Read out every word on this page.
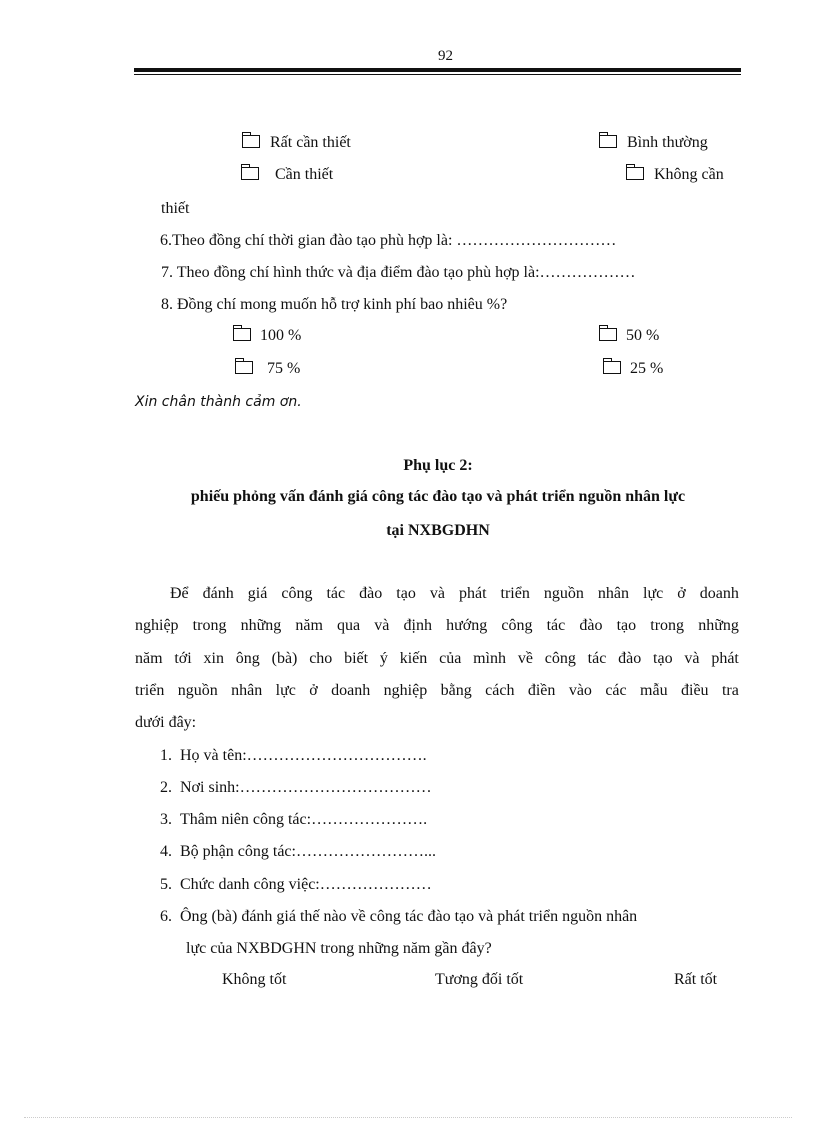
92
Rất cần thiết	Bình thường
Cần thiết	Không cần
thiết
6.Theo đồng chí thời gian đào tạo phù hợp là: …………………………
7. Theo đồng chí hình thức và địa điểm đào tạo phù hợp là:………………
8. Đồng chí mong muốn hỗ trợ kinh phí bao nhiêu %?
100 %	50 %
75 %	25 %
Xin chân thành cảm ơn.
Phụ lục 2:
phiếu phỏng vấn đánh giá công tác đào tạo và phát triển nguồn nhân lực
tại NXBGDHN
Để đánh giá công tác đào tạo và phát triển nguồn nhân lực ở doanh
nghiệp trong những năm qua và định hướng công tác đào tạo trong những
năm tới xin ông (bà) cho biết ý kiến của mình về công tác đào tạo và phát
triển nguồn nhân lực ở doanh nghiệp bằng cách điền vào các mẫu điều tra
dưới đây:
1. Họ và tên:…………………………….
2. Nơi sinh:………………………………
3. Thâm niên công tác:………………….
4. Bộ phận công tác:……………………...
5. Chức danh công việc:…………………
6. Ông (bà) đánh giá thế nào về công tác đào tạo và phát triển nguồn nhân
lực của NXBDGHN trong những năm gần đây?
Không tốt	Tương đối tốt	Rất tốt
